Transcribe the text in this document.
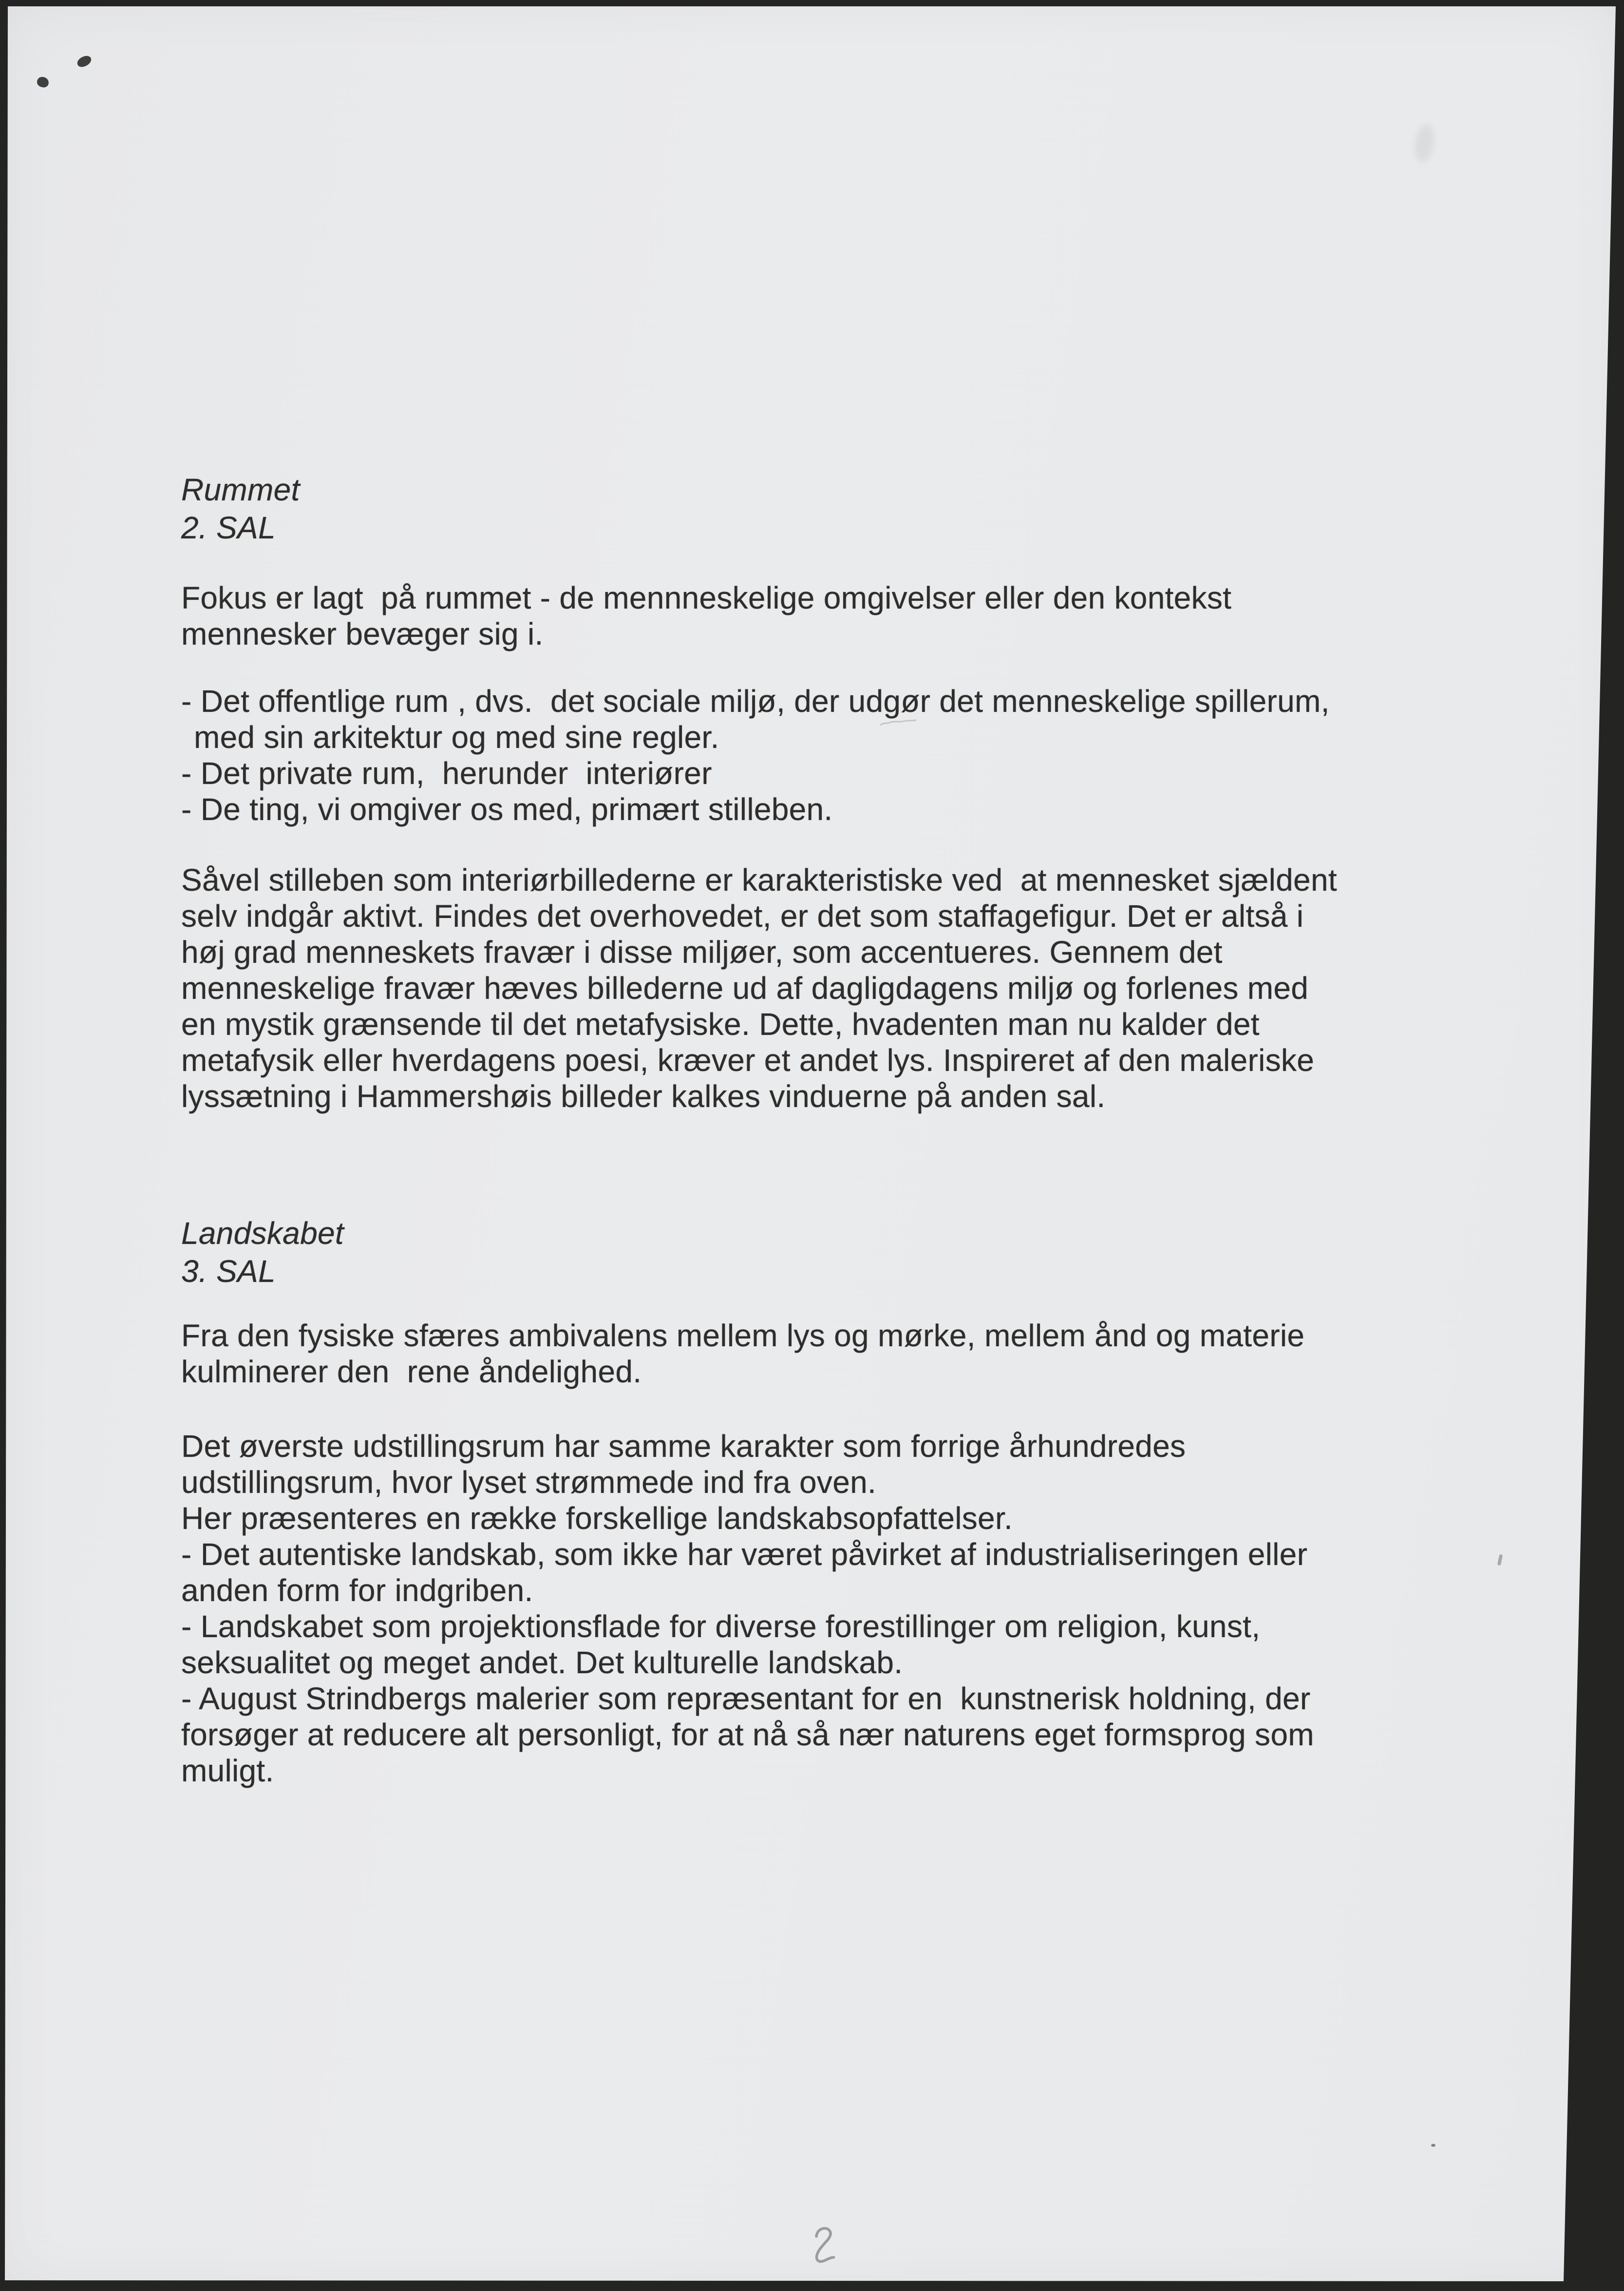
Rummet
2. SAL
Fokus er lagt  på rummet - de mennneskelige omgivelser eller den kontekst
mennesker bevæger sig i.
- Det offentlige rum , dvs.  det sociale miljø, der udgør det menneskelige spillerum,
med sin arkitektur og med sine regler.
- Det private rum,  herunder  interiører
- De ting, vi omgiver os med, primært stilleben.
Såvel stilleben som interiørbillederne er karakteristiske ved  at mennesket sjældent
selv indgår aktivt. Findes det overhovedet, er det som staffagefigur. Det er altså i
høj grad menneskets fravær i disse miljøer, som accentueres. Gennem det
menneskelige fravær hæves billederne ud af dagligdagens miljø og forlenes med
en mystik grænsende til det metafysiske. Dette, hvadenten man nu kalder det
metafysik eller hverdagens poesi, kræver et andet lys. Inspireret af den maleriske
lyssætning i Hammershøis billeder kalkes vinduerne på anden sal.
Landskabet
3. SAL
Fra den fysiske sfæres ambivalens mellem lys og mørke, mellem ånd og materie
kulminerer den  rene åndelighed.
Det øverste udstillingsrum har samme karakter som forrige århundredes
udstillingsrum, hvor lyset strømmede ind fra oven.
Her præsenteres en række forskellige landskabsopfattelser.
- Det autentiske landskab, som ikke har været påvirket af industrialiseringen eller
anden form for indgriben.
- Landskabet som projektionsflade for diverse forestillinger om religion, kunst,
seksualitet og meget andet. Det kulturelle landskab.
- August Strindbergs malerier som repræsentant for en  kunstnerisk holdning, der
forsøger at reducere alt personligt, for at nå så nær naturens eget formsprog som
muligt.
